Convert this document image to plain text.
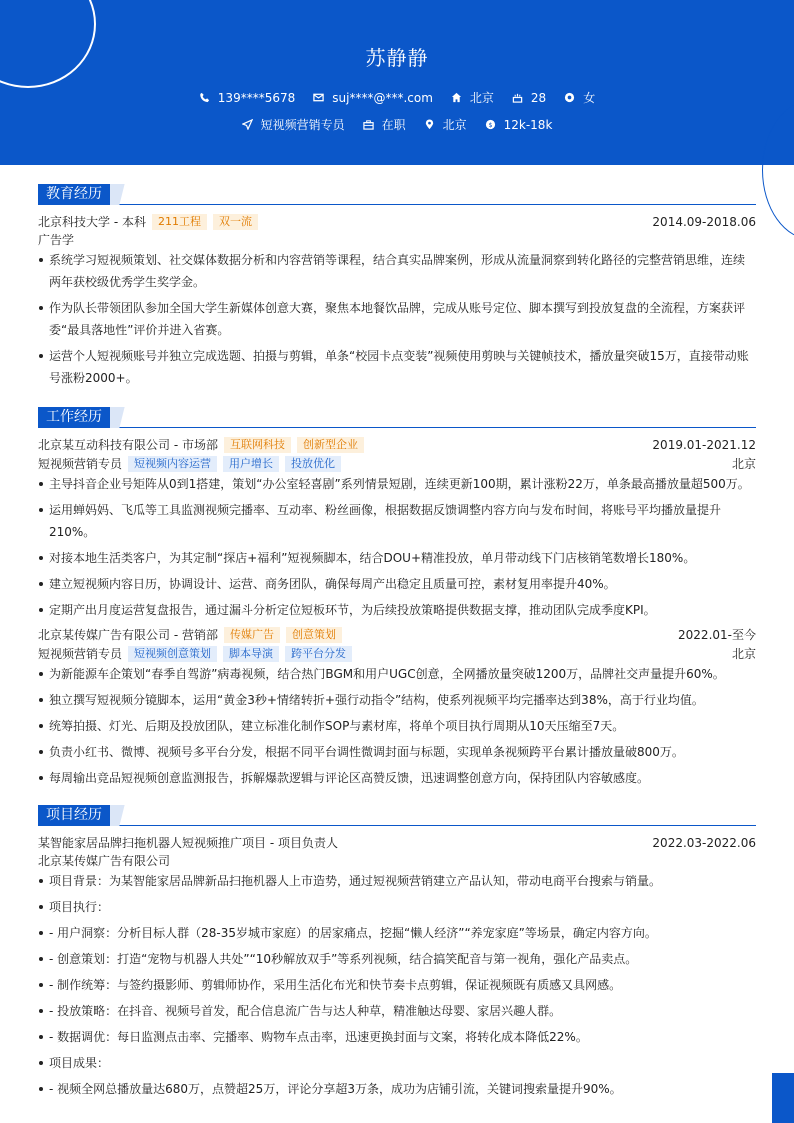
苏静静
139****5678	suj****@***.com	北京	28	女
短视频营销专员	在职	北京	$ 12k-18k
教育经历
北京科技大学 - 本科	211工程	双一流	2014.09-2018.06
广告学
系统学习短视频策划、社交媒体数据分析和内容营销等课程，结合真实品牌案例，形成从流量洞察到转化路径的完整营销思维，连续两年获校级优秀学生奖学金。
作为队长带领团队参加全国大学生新媒体创意大赛，聚焦本地餐饮品牌，完成从账号定位、脚本撰写到投放复盘的全流程，方案获评委“最具落地性”评价并进入省赛。
运营个人短视频账号并独立完成选题、拍摄与剪辑，单条“校园卡点变装”视频使用剪映与关键帧技术，播放量突破15万，直接带动账号涨粉2000+。
工作经历
北京某互动科技有限公司 - 市场部	互联网科技	创新型企业	2019.01-2021.12
短视频营销专员	短视频内容运营	用户增长	投放优化	北京
主导抖音企业号矩阵从0到1搭建，策划“办公室轻喜剧”系列情景短剧，连续更新100期，累计涨粉22万，单条最高播放量超500万。
运用蝉妈妈、飞瓜等工具监测视频完播率、互动率、粉丝画像，根据数据反馈调整内容方向与发布时间，将账号平均播放量提升210%。
对接本地生活类客户，为其定制“探店+福利”短视频脚本，结合DOU+精准投放，单月带动线下门店核销笔数增长180%。
建立短视频内容日历，协调设计、运营、商务团队，确保每周产出稳定且质量可控，素材复用率提升40%。
定期产出月度运营复盘报告，通过漏斗分析定位短板环节，为后续投放策略提供数据支撑，推动团队完成季度KPI。
北京某传媒广告有限公司 - 营销部	传媒广告	创意策划	2022.01-至今
短视频营销专员	短视频创意策划	脚本导演	跨平台分发	北京
为新能源车企策划“春季自驾游”病毒视频，结合热门BGM和用户UGC创意，全网播放量突破1200万，品牌社交声量提升60%。
独立撰写短视频分镜脚本，运用“黄金3秒+情绪转折+强行动指令”结构，使系列视频平均完播率达到38%，高于行业均值。
统筹拍摄、灯光、后期及投放团队，建立标准化制作SOP与素材库，将单个项目执行周期从10天压缩至7天。
负责小红书、微博、视频号多平台分发，根据不同平台调性微调封面与标题，实现单条视频跨平台累计播放量破800万。
每周输出竞品短视频创意监测报告，拆解爆款逻辑与评论区高赞反馈，迅速调整创意方向，保持团队内容敏感度。
项目经历
某智能家居品牌扫拖机器人短视频推广项目 - 项目负责人	2022.03-2022.06
北京某传媒广告有限公司
项目背景：为某智能家居品牌新品扫拖机器人上市造势，通过短视频营销建立产品认知，带动电商平台搜索与销量。
项目执行：
- 用户洞察：分析目标人群（28-35岁城市家庭）的居家痛点，挖掘“懒人经济”“养宠家庭”等场景，确定内容方向。
- 创意策划：打造“宠物与机器人共处”“10秒解放双手”等系列视频，结合搞笑配音与第一视角，强化产品卖点。
- 制作统筹：与签约摄影师、剪辑师协作，采用生活化布光和快节奏卡点剪辑，保证视频既有质感又具网感。
- 投放策略：在抖音、视频号首发，配合信息流广告与达人种草，精准触达母婴、家居兴趣人群。
- 数据调优：每日监测点击率、完播率、购物车点击率，迅速更换封面与文案，将转化成本降低22%。
项目成果：
- 视频全网总播放量达680万，点赞超25万，评论分享超3万条，成功为店铺引流，关键词搜索量提升90%。
